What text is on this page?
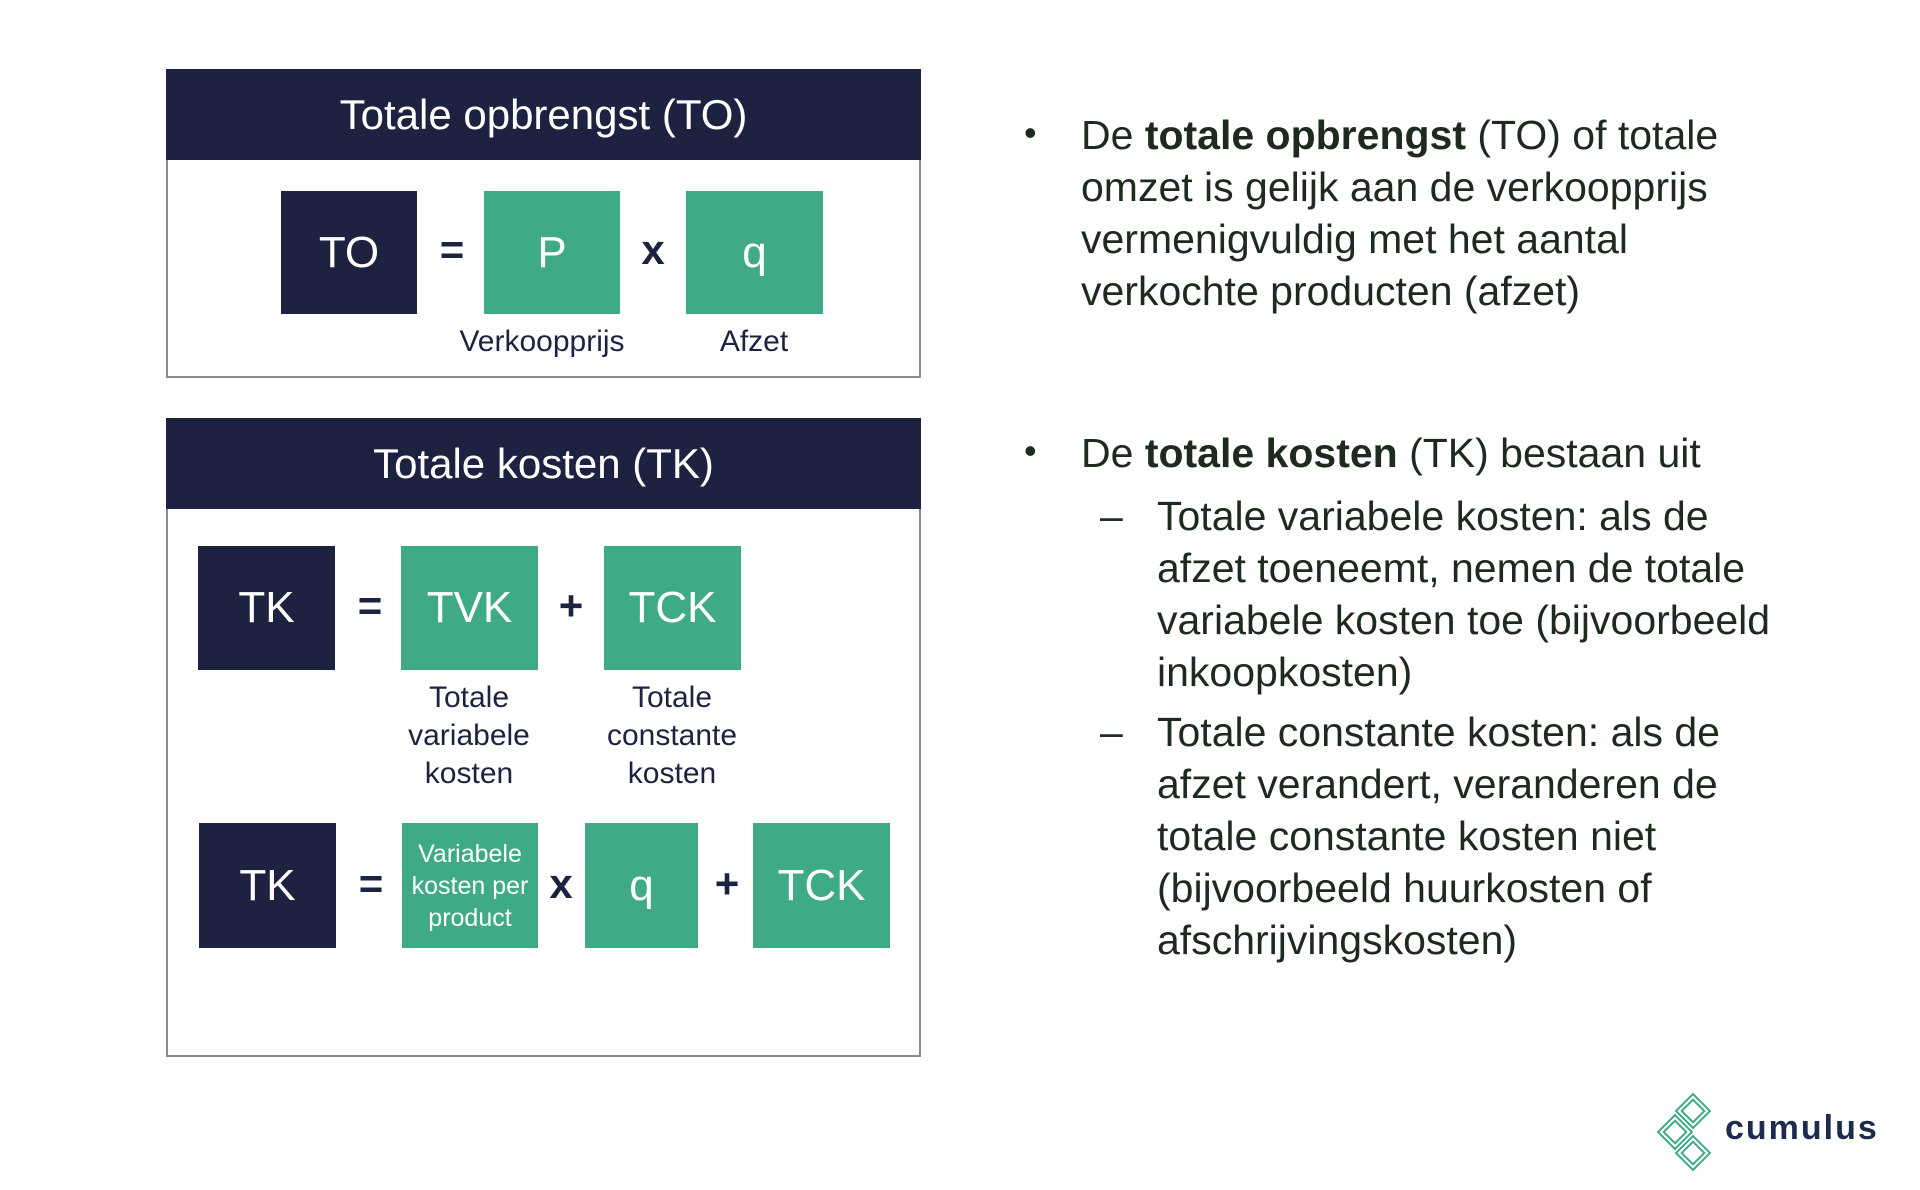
Totale opbrengst (TO)
TO	=	P	x	q
Verkoopprijs	Afzet
Totale kosten (TK)
TK	=	TVK	+	TCK
Totale
variabele
kosten
Totale
constante
kosten
TK	=
Variabele
kosten per
product
x	q	+ TCK
• De totale opbrengst (TO) of totale omzet is gelijk aan de verkoopprijs vermenigvuldig met het aantal verkochte producten (afzet)
• De totale kosten (TK) bestaan uit
– Totale variabele kosten: als de afzet toeneemt, nemen de totale variabele kosten toe (bijvoorbeeld inkoopkosten)
– Totale constante kosten: als de afzet verandert, veranderen de totale constante kosten niet (bijvoorbeeld huurkosten of afschrijvingskosten)
cumulus
